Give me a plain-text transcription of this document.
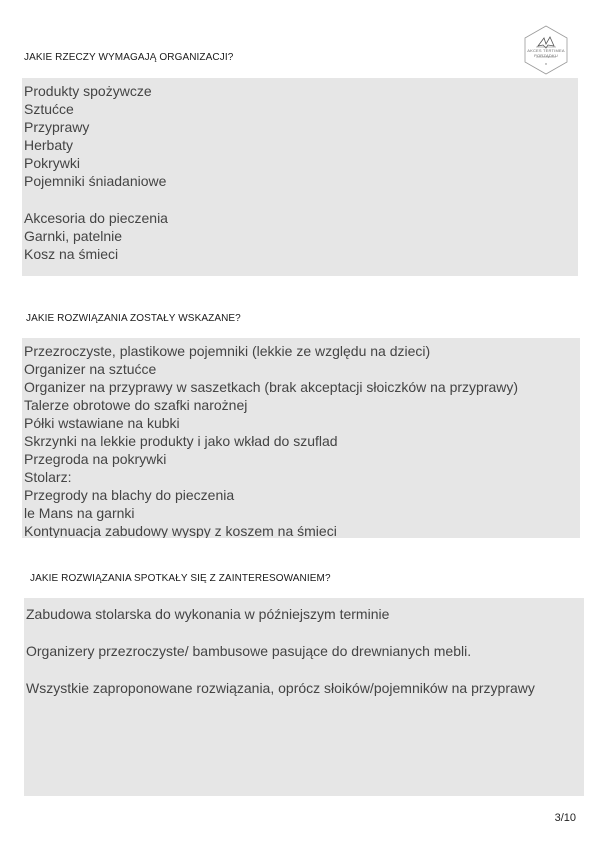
AKCES TERTIMEA
PORZĄDKU
JAKIE RZECZY WYMAGAJĄ ORGANIZACJI?
Produkty spożywcze
Sztućce
Przyprawy
Herbaty
Pokrywki
Pojemniki śniadaniowe
Akcesoria do pieczenia
Garnki, patelnie
Kosz na śmieci
JAKIE ROZWIĄZANIA ZOSTAŁY WSKAZANE?
Przezroczyste, plastikowe pojemniki (lekkie ze względu na dzieci)
Organizer na sztućce
Organizer na przyprawy w saszetkach (brak akceptacji słoiczków na przyprawy)
Talerze obrotowe do szafki narożnej
Półki wstawiane na kubki
Skrzynki na lekkie produkty i jako wkład do szuflad
Przegroda na pokrywki
Stolarz:
Przegrody na blachy do pieczenia
le Mans na garnki
Kontynuacja zabudowy wyspy z koszem na śmieci
JAKIE ROZWIĄZANIA SPOTKAŁY SIĘ Z ZAINTERESOWANIEM?
Zabudowa stolarska do wykonania w późniejszym terminie
Organizery przezroczyste/ bambusowe pasujące do drewnianych mebli.
Wszystkie zaproponowane rozwiązania, oprócz słoików/pojemników na przyprawy
3/10
